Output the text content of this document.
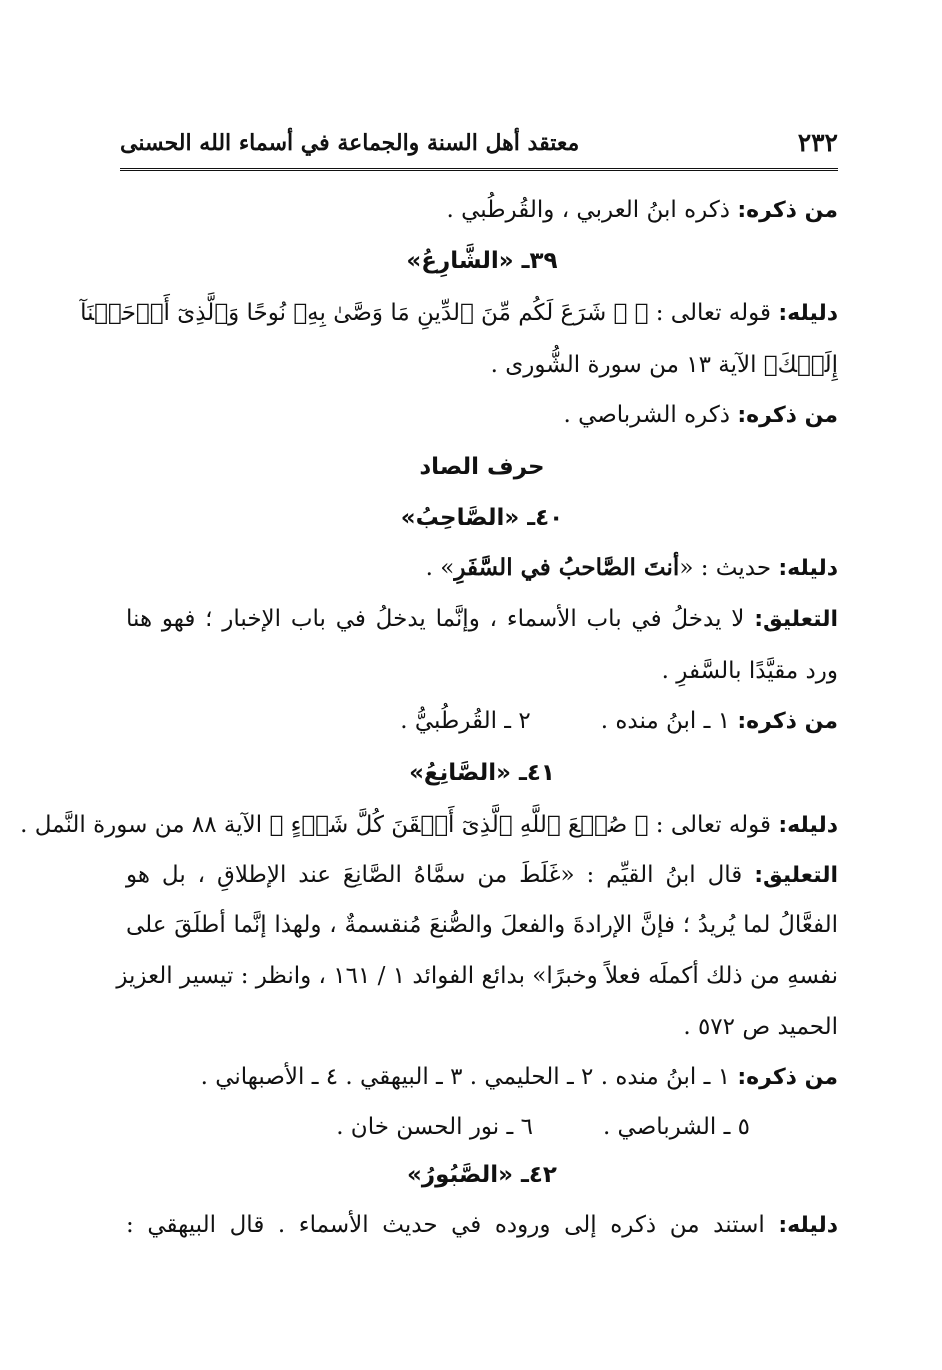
٢٣٢
معتقد أهل السنة والجماعة في أسماء الله الحسنى
من ذكره: ذكره ابنُ العربي ، والقُرطُبي .
٣٩ـ «الشَّارِعُ»
دليله: قوله تعالى : ﴿ ۞ شَرَعَ لَكُم مِّنَ ٱلدِّينِ مَا وَصَّىٰ بِهِۦ نُوحًا وَٱلَّذِىٓ أَوۡحَيۡنَآ
إِلَيۡكَ﴾ الآية ١٣ من سورة الشُّورى .
من ذكره: ذكره الشرباصي .
حرف الصاد
٤٠ـ «الصَّاحِبُ»
دليله: حديث : «أنتَ الصَّاحبُ في السَّفَرِ» .
التعليق: لا يدخلُ في باب الأسماء ، وإنَّما يدخلُ في باب الإخبار ؛ فهو هنا
ورد مقيَّدًا بالسَّفرِ .
من ذكره: ١ ـ ابنُ منده .٢ ـ القُرطُبيُّ .
٤١ـ «الصَّانِعُ»
دليله: قوله تعالى : ﴿ صُنۡعَ ٱللَّهِ ٱلَّذِىٓ أَتۡقَنَ كُلَّ شَىۡءٍ ﴾ الآية ٨٨ من سورة النَّمل .
التعليق: قال ابنُ القيِّم : «غَلَطَ من سمَّاهُ الصَّانِعَ عند الإطلاقِ ، بل هو
الفعَّالُ لما يُريدُ ؛ فإنَّ الإرادةَ والفعلَ والصُّنعَ مُنقسمةٌ ، ولهذا إنَّما أطلَقَ على
نفسهِ من ذلك أكملَه فعلاً وخبرًا» بدائع الفوائد ١ / ١٦١ ، وانظر : تيسير العزيز
الحميد ص ٥٧٢ .
من ذكره: ١ ـ ابنُ منده . ٢ ـ الحليمي . ٣ ـ البيهقي . ٤ ـ الأصبهاني .
٥ ـ الشرباصي .٦ ـ نور الحسن خان .
٤٢ـ «الصَّبُورُ»
دليله: استند من ذكره إلى وروده في حديث الأسماء . قال البيهقي :
